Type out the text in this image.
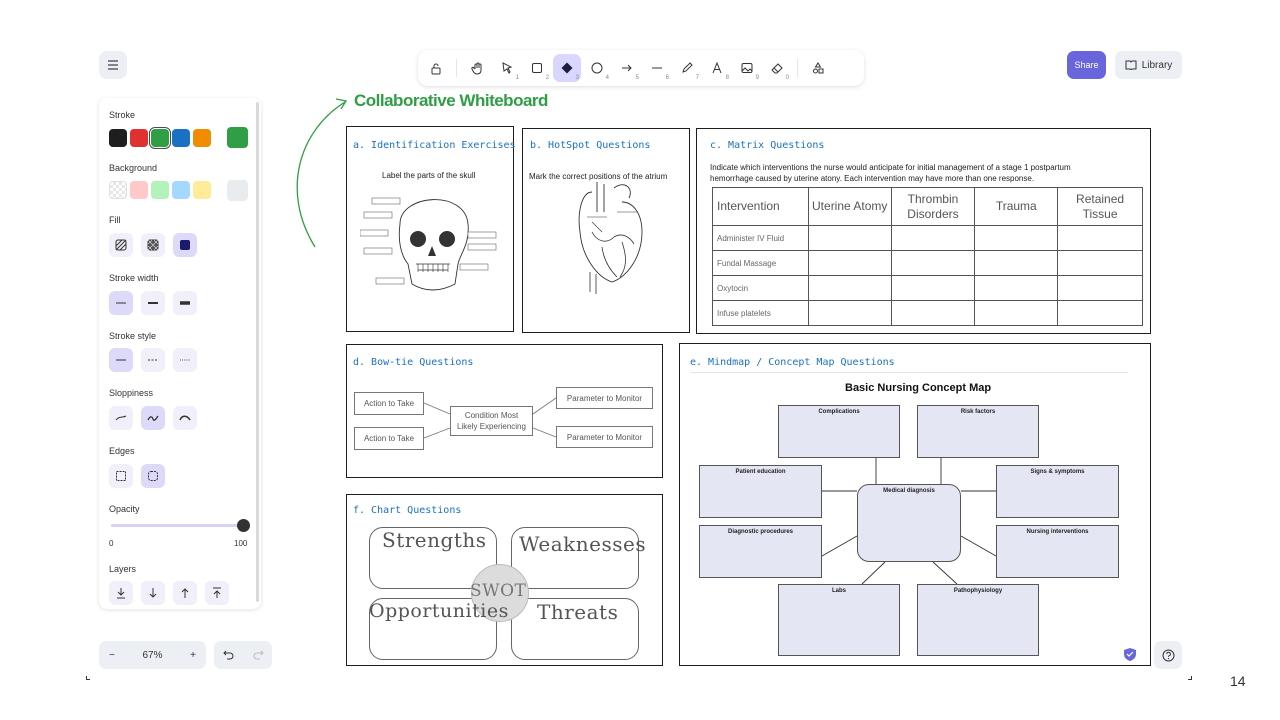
1	2	3	4	5	6	7	8	9	0
Share	Library
Stroke
Background
Fill
Stroke width
Stroke style
Sloppiness
Edges
Opacity
0	100
Layers
−	67%	+
Collaborative Whiteboard
a. Identification Exercises
Label the parts of the skull
b. HotSpot Questions
Mark the correct positions of the atrium
c. Matrix Questions
Indicate which interventions the nurse would anticipate for initial management of a stage 1 postpartum
hemorrhage caused by uterine atony. Each intervention may have more than one response.
Intervention	Uterine Atomy	Thrombin Disorders	Trauma	Retained Tissue
Administer IV Fluid				
Fundal Massage				
Oxytocin				
Infuse platelets				
d. Bow-tie Questions
Action to Take
Action to Take
Condition Most Likely Experiencing
Parameter to Monitor
Parameter to Monitor
f. Chart Questions
Strengths Weaknesses
SWOT
Opportunities Threats
e. Mindmap / Concept Map Questions
Basic Nursing Concept Map
Complications	Risk factors
Patient education	Signs & symptoms
Medical diagnosis
Diagnostic procedures	Nursing interventions
Labs	Pathophysiology
14
